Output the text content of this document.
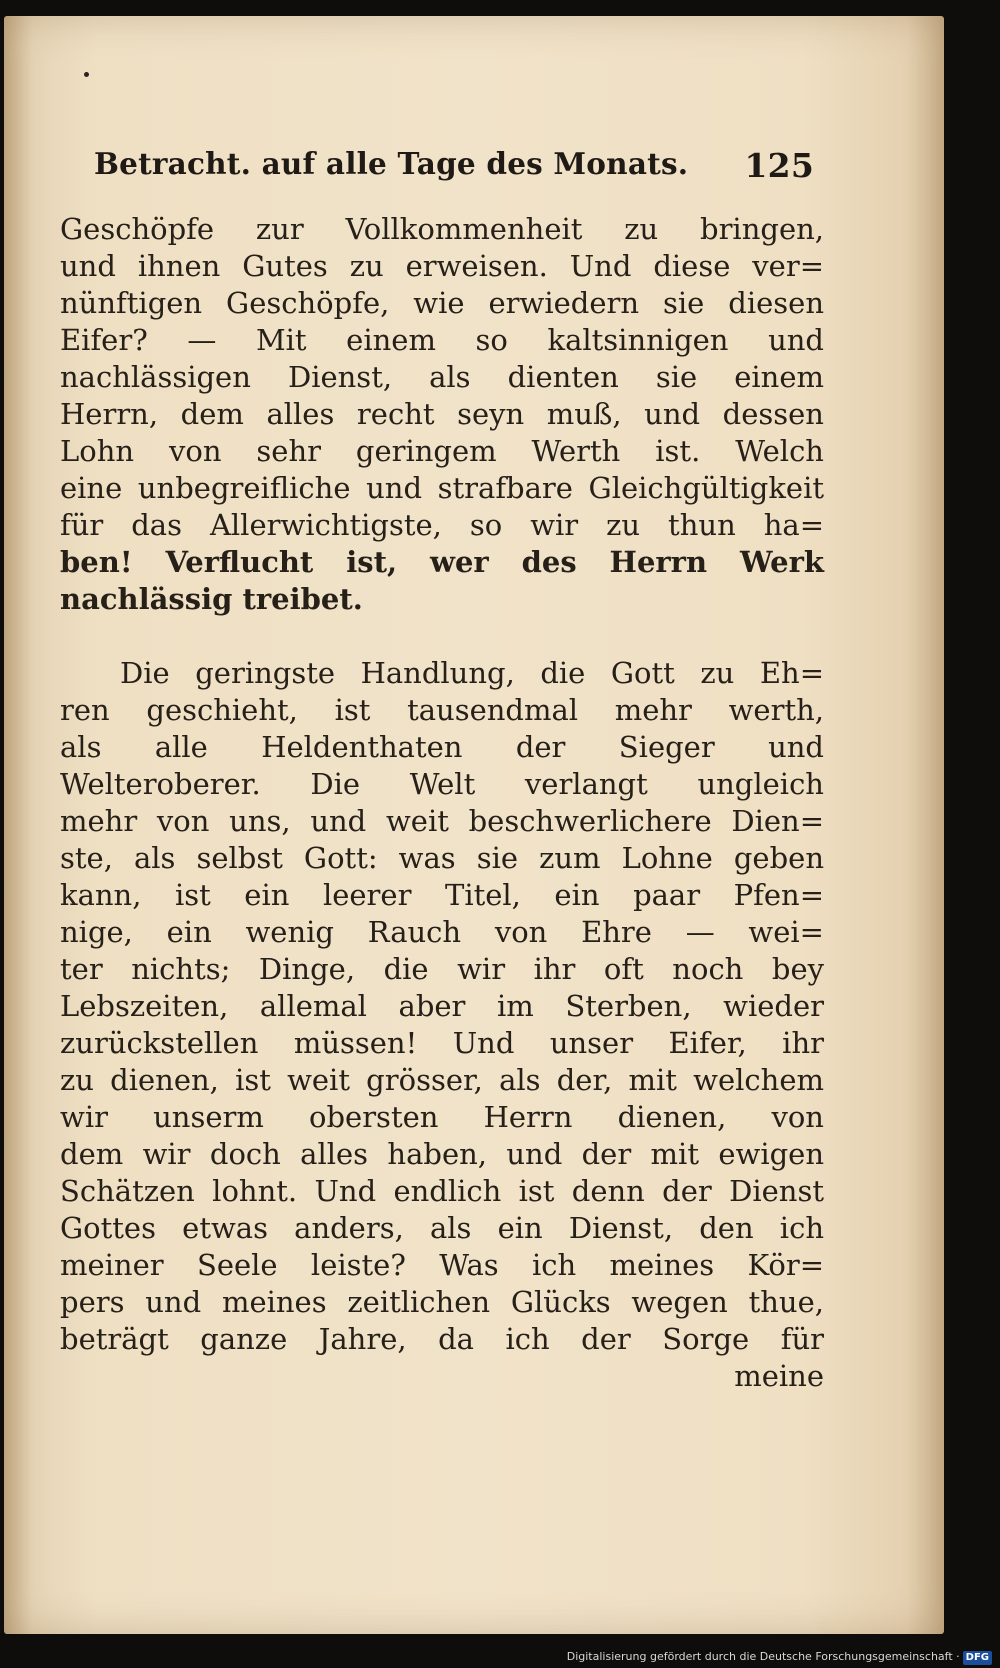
Betracht. auf alle Tage des Monats. 125
Geschöpfe zur Vollkommenheit zu bringen,
und ihnen Gutes zu erweisen. Und diese ver=
nünftigen Geschöpfe, wie erwiedern sie diesen
Eifer? — Mit einem so kaltsinnigen und
nachlässigen Dienst, als dienten sie einem
Herrn, dem alles recht seyn muß, und dessen
Lohn von sehr geringem Werth ist. Welch
eine unbegreifliche und strafbare Gleichgültigkeit
für das Allerwichtigste, so wir zu thun ha=
ben! Verflucht ist, wer des Herrn Werk
nachlässig treibet.
Die geringste Handlung, die Gott zu Eh=
ren geschieht, ist tausendmal mehr werth,
als alle Heldenthaten der Sieger und
Welteroberer. Die Welt verlangt ungleich
mehr von uns, und weit beschwerlichere Dien=
ste, als selbst Gott: was sie zum Lohne geben
kann, ist ein leerer Titel, ein paar Pfen=
nige, ein wenig Rauch von Ehre — wei=
ter nichts; Dinge, die wir ihr oft noch bey
Lebszeiten, allemal aber im Sterben, wieder
zurückstellen müssen! Und unser Eifer, ihr
zu dienen, ist weit grösser, als der, mit welchem
wir unserm obersten Herrn dienen, von
dem wir doch alles haben, und der mit ewigen
Schätzen lohnt. Und endlich ist denn der Dienst
Gottes etwas anders, als ein Dienst, den ich
meiner Seele leiste? Was ich meines Kör=
pers und meines zeitlichen Glücks wegen thue,
beträgt ganze Jahre, da ich der Sorge für
meine
Digitalisierung gefördert durch die Deutsche Forschungsgemeinschaft · DFG
